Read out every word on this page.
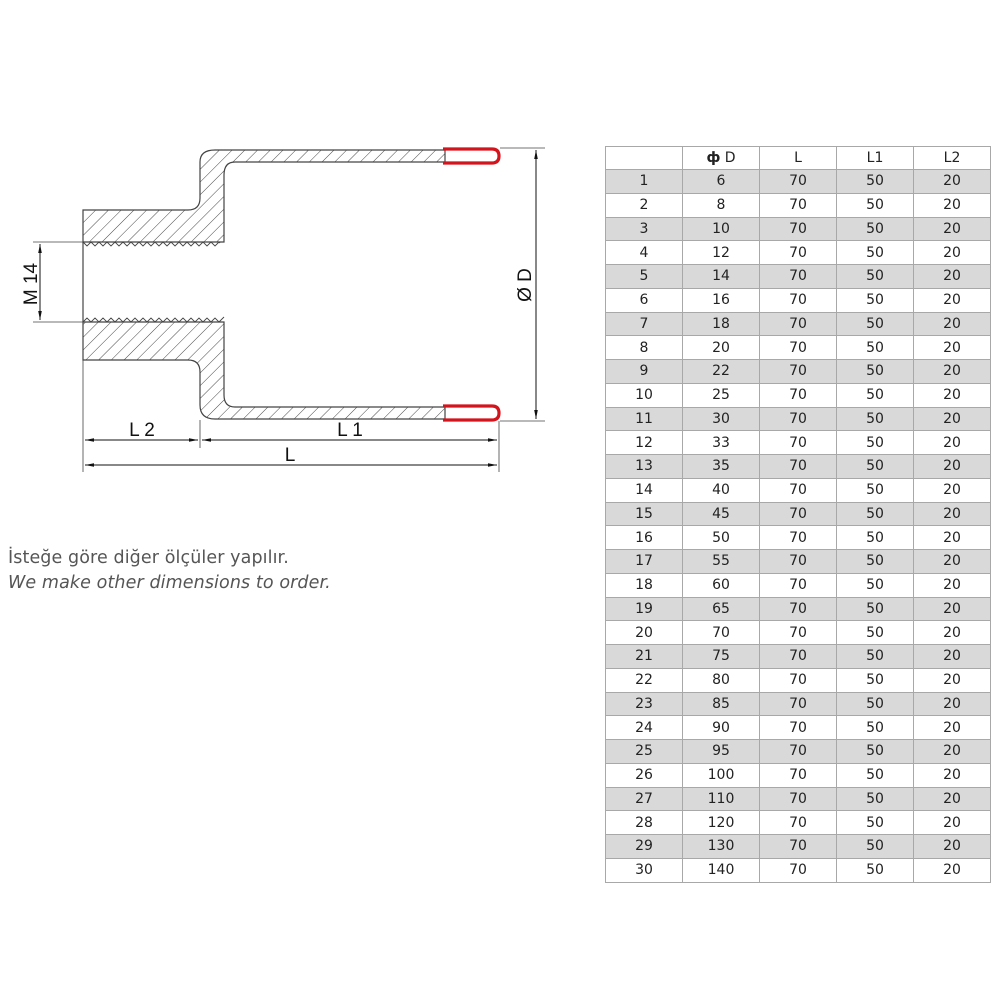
M 14	Ø D
L 2	L 1
L
İsteğe göre diğer ölçüler yapılır.
We make other dimensions to order.
	ф D	L	L1	L2
1	6	70	50	20
2	8	70	50	20
3	10	70	50	20
4	12	70	50	20
5	14	70	50	20
6	16	70	50	20
7	18	70	50	20
8	20	70	50	20
9	22	70	50	20
10	25	70	50	20
11	30	70	50	20
12	33	70	50	20
13	35	70	50	20
14	40	70	50	20
15	45	70	50	20
16	50	70	50	20
17	55	70	50	20
18	60	70	50	20
19	65	70	50	20
20	70	70	50	20
21	75	70	50	20
22	80	70	50	20
23	85	70	50	20
24	90	70	50	20
25	95	70	50	20
26	100	70	50	20
27	110	70	50	20
28	120	70	50	20
29	130	70	50	20
30	140	70	50	20
